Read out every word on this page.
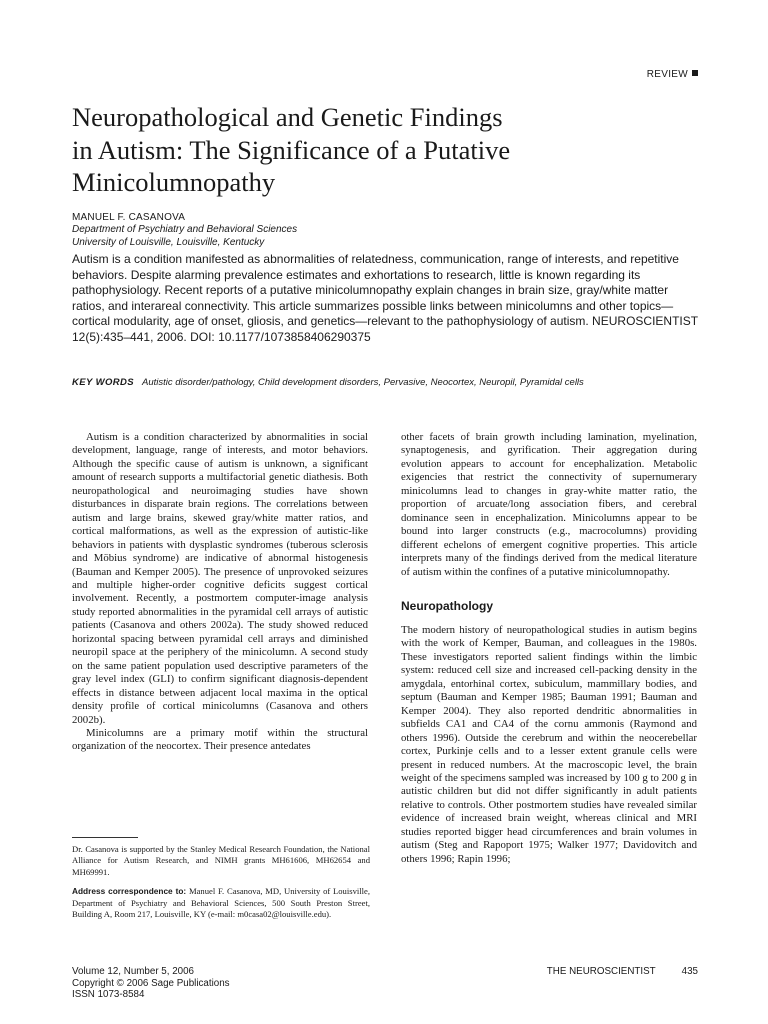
REVIEW
Neuropathological and Genetic Findings
in Autism: The Significance of a Putative
Minicolumnopathy
MANUEL F. CASANOVA
Department of Psychiatry and Behavioral Sciences
University of Louisville, Louisville, Kentucky

Autism is a condition manifested as abnormalities of relatedness, communication, range of interests, and repetitive behaviors. Despite alarming prevalence estimates and exhortations to research, little is known regarding its pathophysiology. Recent reports of a putative minicolumnopathy explain changes in brain size, gray/white matter ratios, and interareal connectivity. This article summarizes possible links between minicolumns and other topics—cortical modularity, age of onset, gliosis, and genetics—relevant to the pathophysiology of autism. NEUROSCIENTIST 12(5):435–441, 2006. DOI: 10.1177/1073858406290375

KEY WORDS Autistic disorder/pathology, Child development disorders, Pervasive, Neocortex, Neuropil, Pyramidal cells

Autism is a condition characterized by abnormalities in social development, language, range of interests, and motor behaviors. Although the specific cause of autism is unknown, a significant amount of research supports a multifactorial genetic diathesis. Both neuropathological and neuroimaging studies have shown disturbances in disparate brain regions. The correlations between autism and large brains, skewed gray/white matter ratios, and cortical malformations, as well as the expression of autistic-like behaviors in patients with dysplastic syndromes (tuberous sclerosis and Möbius syndrome) are indicative of abnormal histogenesis (Bauman and Kemper 2005). The presence of unprovoked seizures and multiple higher-order cognitive deficits suggest cortical involvement. Recently, a postmortem computer-image analysis study reported abnormalities in the pyramidal cell arrays of autistic patients (Casanova and others 2002a). The study showed reduced horizontal spacing between pyramidal cell arrays and diminished neuropil space at the periphery of the minicolumn. A second study on the same patient population used descriptive parameters of the gray level index (GLI) to confirm significant diagnosis-dependent effects in distance between adjacent local maxima in the optical density profile of cortical minicolumns (Casanova and others 2002b).

Minicolumns are a primary motif within the structural organization of the neocortex. Their presence antedates

Dr. Casanova is supported by the Stanley Medical Research Foundation, the National Alliance for Autism Research, and NIMH grants MH61606, MH62654 and MH69991.

Address correspondence to: Manuel F. Casanova, MD, University of Louisville, Department of Psychiatry and Behavioral Sciences, 500 South Preston Street, Building A, Room 217, Louisville, KY (e-mail: m0casa02@louisville.edu).

other facets of brain growth including lamination, myelination, synaptogenesis, and gyrification. Their aggregation during evolution appears to account for encephalization. Metabolic exigencies that restrict the connectivity of supernumerary minicolumns lead to changes in gray-white matter ratio, the proportion of arcuate/long association fibers, and cerebral dominance seen in encephalization. Minicolumns appear to be bound into larger constructs (e.g., macrocolumns) providing different echelons of emergent cognitive properties. This article interprets many of the findings derived from the medical literature of autism within the confines of a putative minicolumnopathy.

Neuropathology

The modern history of neuropathological studies in autism begins with the work of Kemper, Bauman, and colleagues in the 1980s. These investigators reported salient findings within the limbic system: reduced cell size and increased cell-packing density in the amygdala, entorhinal cortex, subiculum, mammillary bodies, and septum (Bauman and Kemper 1985; Bauman 1991; Bauman and Kemper 2004). They also reported dendritic abnormalities in subfields CA1 and CA4 of the cornu ammonis (Raymond and others 1996). Outside the cerebrum and within the neocerebellar cortex, Purkinje cells and to a lesser extent granule cells were present in reduced numbers. At the macroscopic level, the brain weight of the specimens sampled was increased by 100 g to 200 g in autistic children but did not differ significantly in adult patients relative to controls. Other postmortem studies have revealed similar evidence of increased brain weight, whereas clinical and MRI studies reported bigger head circumferences and brain volumes in autism (Steg and Rapoport 1975; Walker 1977; Davidovitch and others 1996; Rapin 1996;

Volume 12, Number 5, 2006
Copyright © 2006 Sage Publications
ISSN 1073-8584
THE NEUROSCIENTIST	435
